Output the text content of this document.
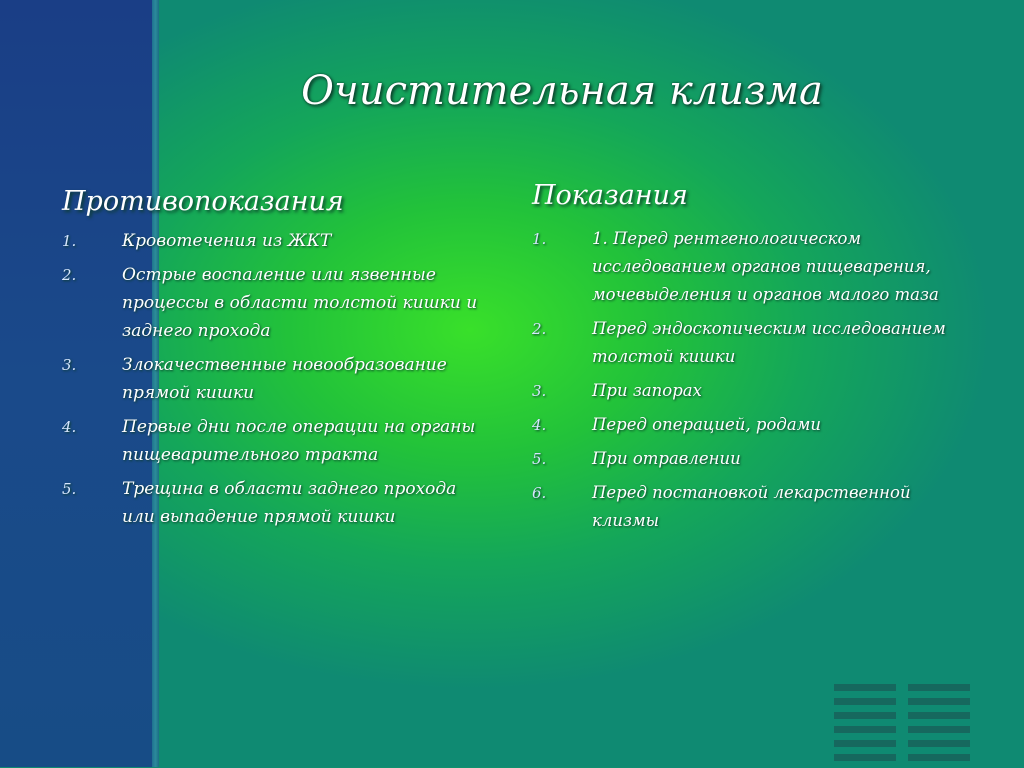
Очистительная клизма
Противопоказания
1.	Кровотечения из ЖКТ
2.	Острые воспаление или язвенные процессы в области толстой кишки и заднего прохода
3.	Злокачественные новообразование прямой кишки
4.	Первые дни после операции на органы пищеварительного тракта
5.	Трещина в области заднего прохода или выпадение прямой кишки
Показания
1.	1. Перед рентгенологическом исследованием органов пищеварения, мочевыделения и органов малого таза
2.	Перед эндоскопическим исследованием толстой кишки
3.	При запорах
4.	Перед операцией, родами
5.	При отравлении
6.	Перед постановкой лекарственной клизмы
